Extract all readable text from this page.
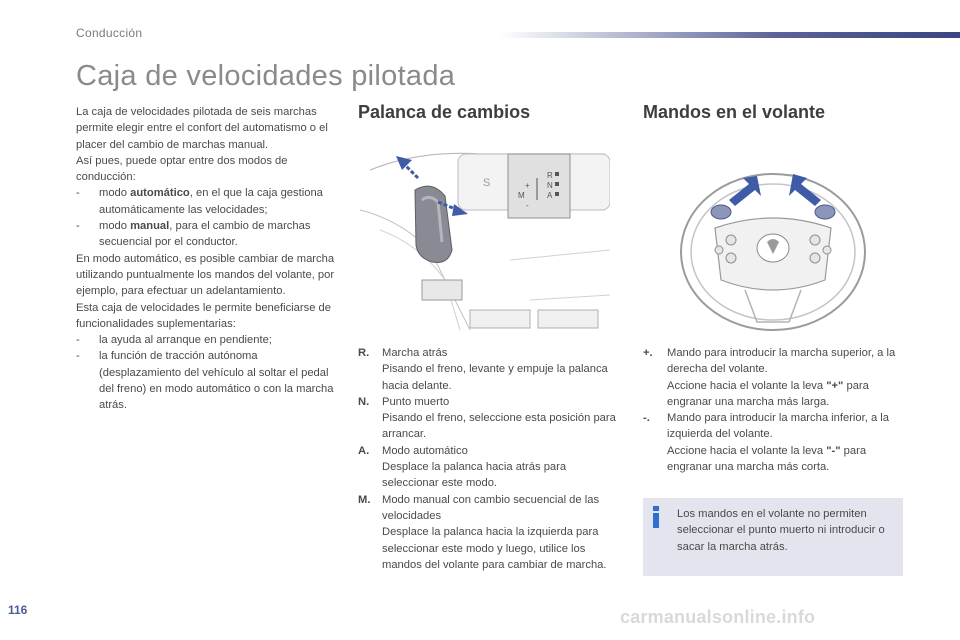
Conducción
Caja de velocidades pilotada

La caja de velocidades pilotada de seis marchas permite elegir entre el confort del automatismo o el placer del cambio de marchas manual.

Así pues, puede optar entre dos modos de conducción:

- modo automático, en el que la caja gestiona automáticamente las velocidades;
- modo manual, para el cambio de marchas secuencial por el conductor.

En modo automático, es posible cambiar de marcha utilizando puntualmente los mandos del volante, por ejemplo, para efectuar un adelantamiento.

Esta caja de velocidades le permite beneficiarse de funcionalidades suplementarias:

- la ayuda al arranque en pendiente;
- la función de tracción autónoma (desplazamiento del vehículo al soltar el pedal del freno) en modo automático o con la marcha atrás.
Palanca de cambios
S
R
N
A
+
M
-
R. Marcha atrás
Pisando el freno, levante y empuje la palanca hacia delante.
N. Punto muerto
Pisando el freno, seleccione esta posición para arrancar.
A. Modo automático
Desplace la palanca hacia atrás para seleccionar este modo.
M. Modo manual con cambio secuencial de las velocidades
Desplace la palanca hacia la izquierda para seleccionar este modo y luego, utilice los mandos del volante para cambiar de marcha.
Mandos en el volante
+. Mando para introducir la marcha superior, a la derecha del volante.
Accione hacia el volante la leva "+" para engranar una marcha más larga.
-. Mando para introducir la marcha inferior, a la izquierda del volante.
Accione hacia el volante la leva "-" para engranar una marcha más corta.
Los mandos en el volante no permiten seleccionar el punto muerto ni introducir o sacar la marcha atrás.
116	carmanualsonline.info
